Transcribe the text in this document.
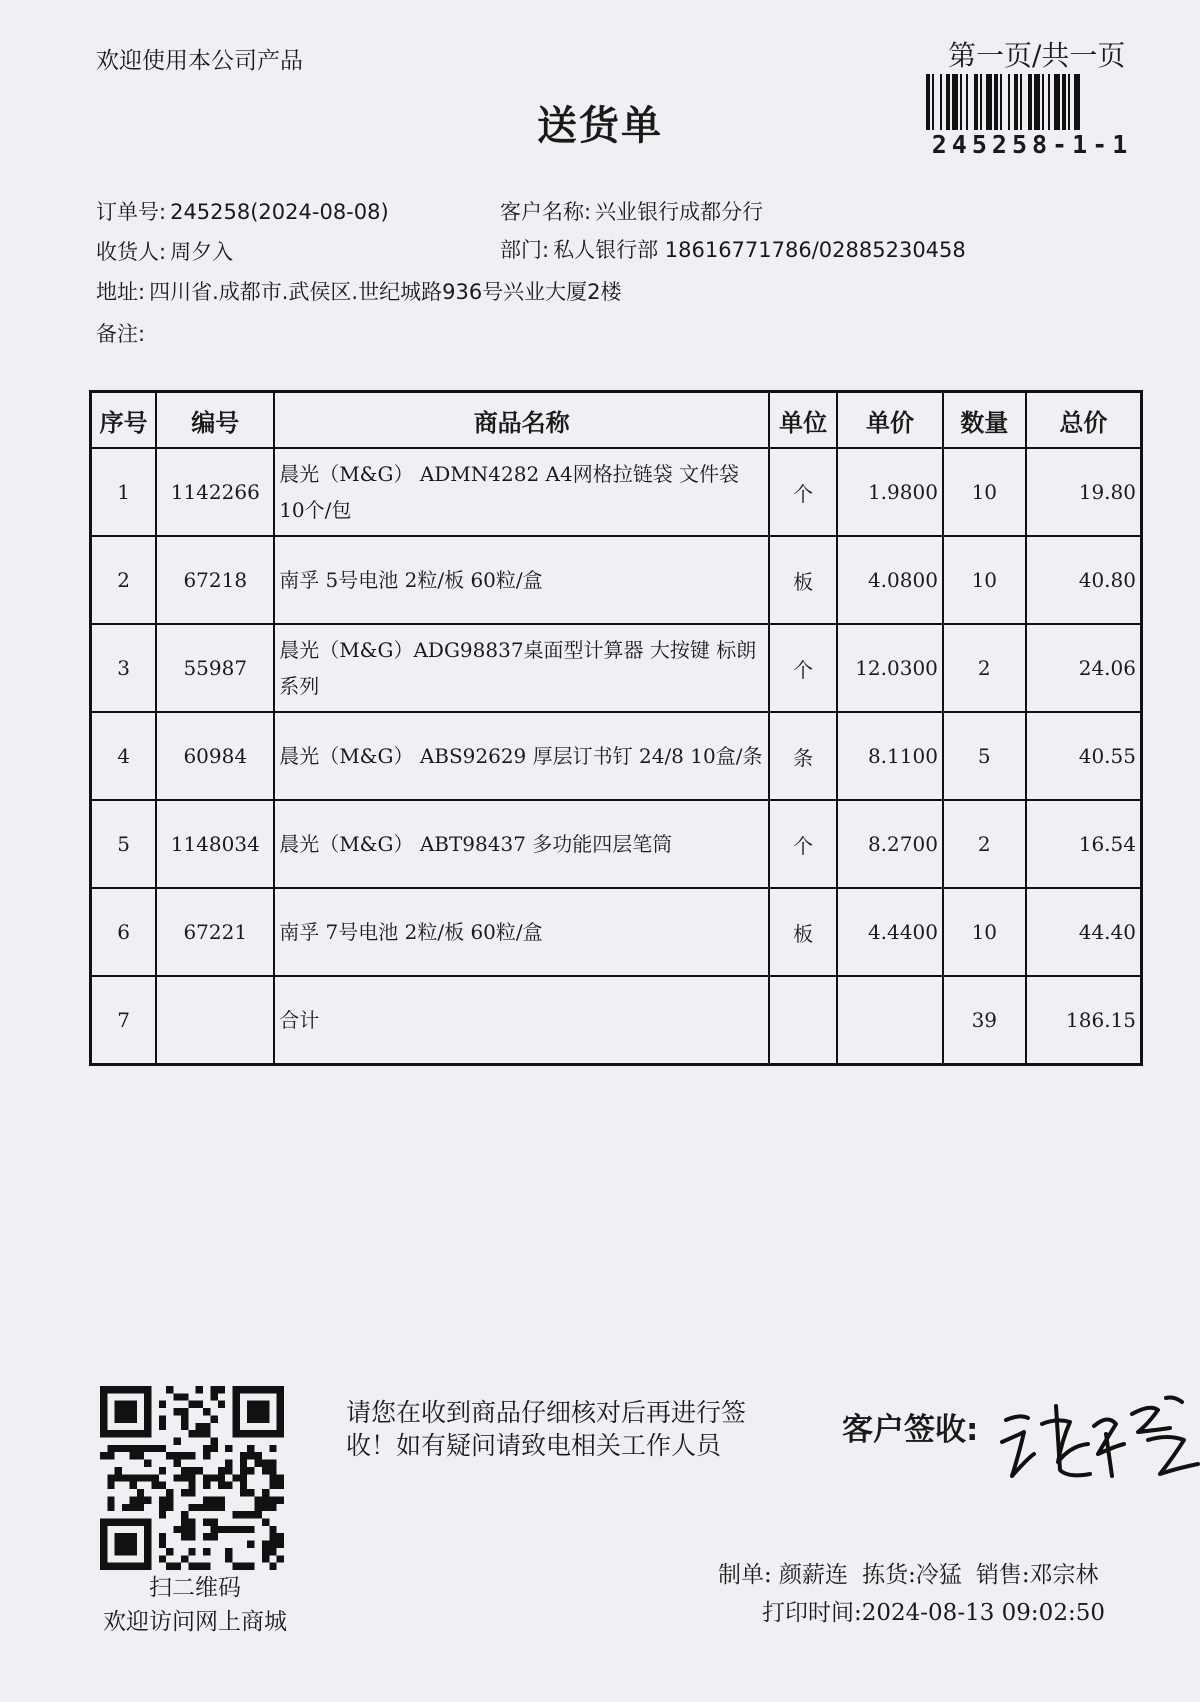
欢迎使用本公司产品
送货单
第一页/共一页
245258-1-1
订单号: 245258(2024-08-08)	客户名称: 兴业银行成都分行
收货人: 周夕入	部门: 私人银行部 18616771786/02885230458
地址: 四川省.成都市.武侯区.世纪城路936号兴业大厦2楼
备注:
序号	编号	商品名称	单位	单价	数量	总价
1	1142266	晨光（M&G） ADMN4282 A4网格拉链袋 文件袋10个/包	个	1.9800	10	19.80
2	67218	南孚 5号电池 2粒/板 60粒/盒	板	4.0800	10	40.80
3	55987	晨光（M&G）ADG98837桌面型计算器 大按键 标朗系列	个	12.0300	2	24.06
4	60984	晨光（M&G） ABS92629 厚层订书钉 24/8 10盒/条	条	8.1100	5	40.55
5	1148034	晨光（M&G） ABT98437 多功能四层笔筒	个	8.2700	2	16.54
6	67221	南孚 7号电池 2粒/板 60粒/盒	板	4.4400	10	44.40
7		合计			39	186.15
扫二维码
欢迎访问网上商城
请您在收到商品仔细核对后再进行签收！如有疑问请致电相关工作人员	客户签收:
制单: 颜薪连 拣货:冷猛 销售:邓宗林
打印时间:2024-08-13 09:02:50
